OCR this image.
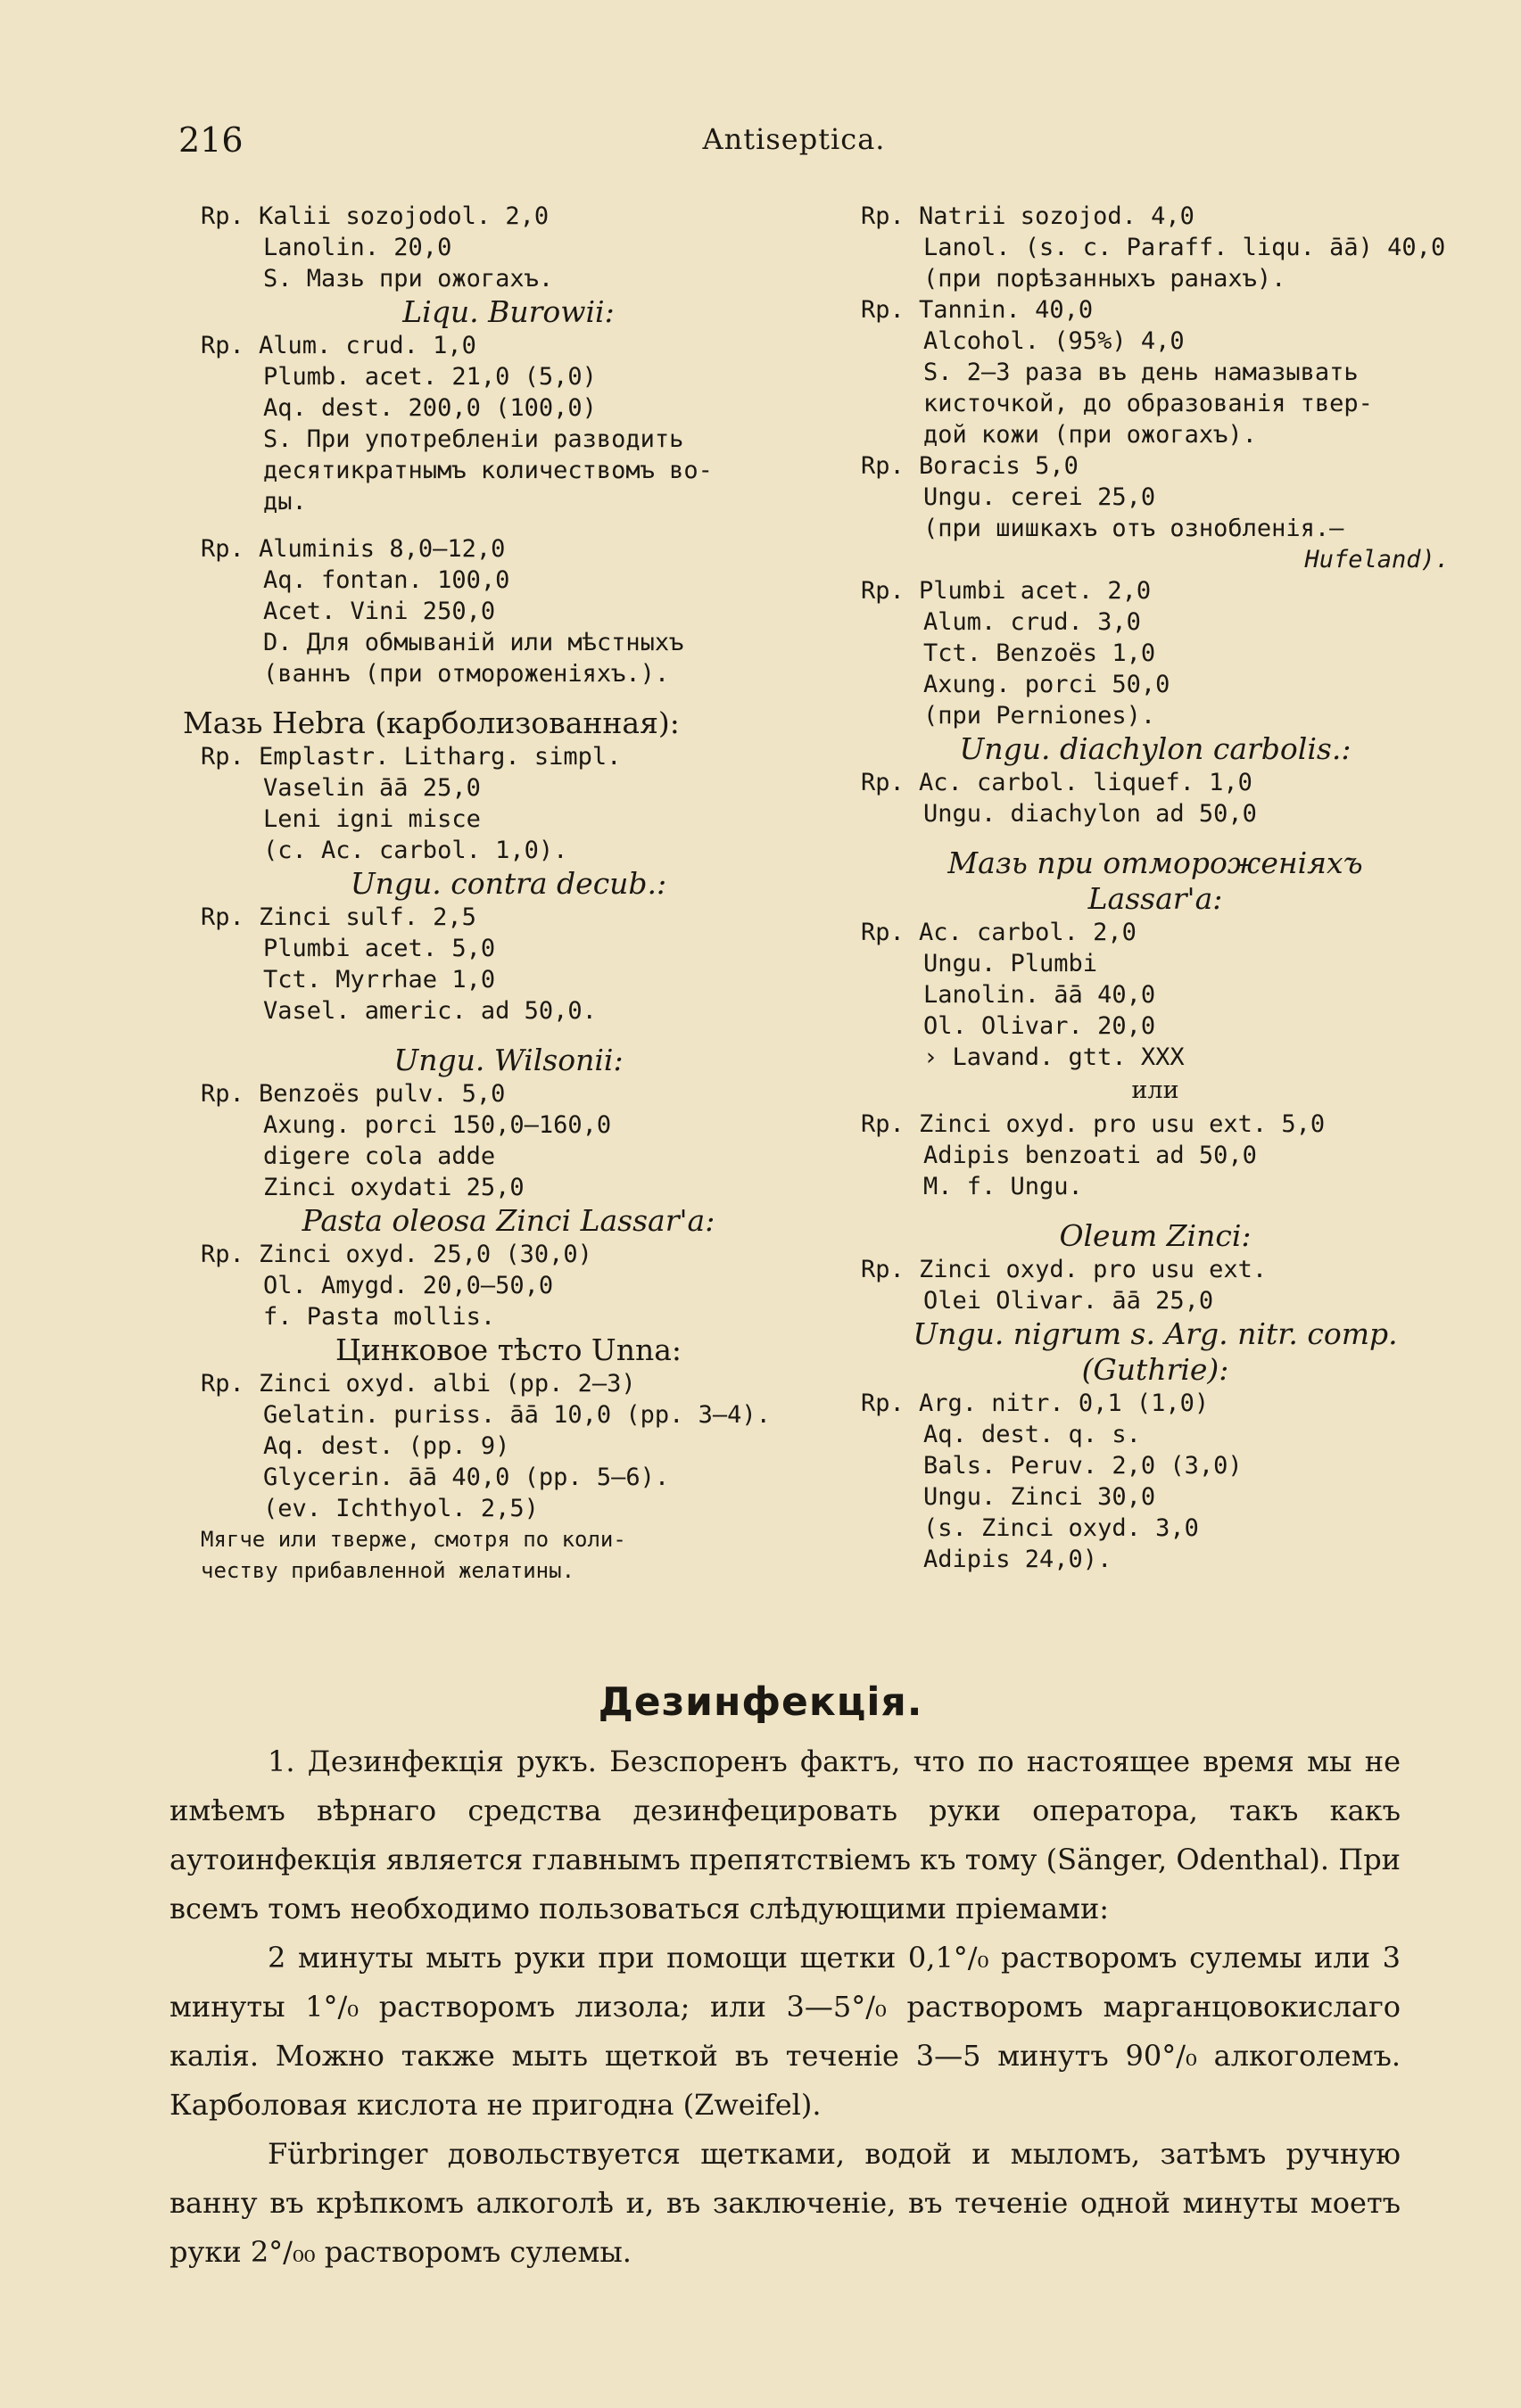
216	Antiseptica.
Rp. Kalii sozojodol. 2,0
Lanolin. 20,0
S. Мазь при ожогахъ.
Liqu. Burowii:
Rp. Alum. crud. 1,0
Plumb. acet. 21,0 (5,0)
Aq. dest. 200,0 (100,0)
S. При употребленіи разводить
десятикратнымъ количествомъ во-
ды.
Rp. Aluminis 8,0—12,0
Aq. fontan. 100,0
Acet. Vini 250,0
D. Для обмываній или мѣстныхъ
(ваннъ (при отмороженіяхъ.).
Мазь Hebra (карболизованная):
Rp. Emplastr. Litharg. simpl.
Vaselin āā 25,0
Leni igni misce
(c. Ac. carbol. 1,0).
Ungu. contra decub.:
Rp. Zinci sulf. 2,5
Plumbi acet. 5,0
Tct. Myrrhae 1,0
Vasel. americ. ad 50,0.
Ungu. Wilsonii:
Rp. Benzoës pulv. 5,0
Axung. porci 150,0—160,0
digere cola adde
Zinci oxydati 25,0
Pasta oleosa Zinci Lassar'a:
Rp. Zinci oxyd. 25,0 (30,0)
Ol. Amygd. 20,0—50,0
f. Pasta mollis.
Цинковое тѣсто Unna:
Rp. Zinci oxyd. albi (pp. 2—3)
Gelatin. puriss. āā 10,0 (pp. 3—4).
Aq. dest. (pp. 9)
Glycerin. āā 40,0 (pp. 5—6).
(ev. Ichthyol. 2,5)
Мягче или тверже, смотря по коли-
честву прибавленной желатины.
Rp. Natrii sozojod. 4,0
Lanol. (s. c. Paraff. liqu. āā) 40,0
(при порѣзанныхъ ранахъ).
Rp. Tannin. 40,0
Alcohol. (95%) 4,0
S. 2—3 раза въ день намазывать
кисточкой, до образованія твер-
дой кожи (при ожогахъ).
Rp. Boracis 5,0
Ungu. cerei 25,0
(при шишкахъ отъ ознобленія.—
Hufeland).
Rp. Plumbi acet. 2,0
Alum. crud. 3,0
Tct. Benzoës 1,0
Axung. porci 50,0
(при Perniones).
Ungu. diachylon carbolis.:
Rp. Ac. carbol. liquef. 1,0
Ungu. diachylon ad 50,0
Мазь при отмороженіяхъ
Lassar'a:
Rp. Ac. carbol. 2,0
Ungu. Plumbi
Lanolin. āā 40,0
Ol. Olivar. 20,0
› Lavand. gtt. XXX
или
Rp. Zinci oxyd. pro usu ext. 5,0
Adipis benzoati ad 50,0
M. f. Ungu.
Oleum Zinci:
Rp. Zinci oxyd. pro usu ext.
Olei Olivar. āā 25,0
Ungu. nigrum s. Arg. nitr. comp.
(Guthrie):
Rp. Arg. nitr. 0,1 (1,0)
Aq. dest. q. s.
Bals. Peruv. 2,0 (3,0)
Ungu. Zinci 30,0
(s. Zinci oxyd. 3,0
Adipis 24,0).
Дезинфекція.

1. Дезинфекція рукъ. Безспоренъ фактъ, что по настоящее время мы не имѣемъ вѣрнаго средства дезинфецировать руки оператора, такъ какъ аутоинфекція является главнымъ препятствіемъ къ тому (Sänger, Odenthal). При всемъ томъ необходимо пользоваться слѣдующими пріемами:

2 минуты мыть руки при помощи щетки 0,1°/₀ растворомъ сулемы или 3 минуты 1°/₀ растворомъ лизола; или 3—5°/₀ растворомъ марганцовокислаго калія. Можно также мыть щеткой въ теченіе 3—5 минутъ 90°/₀ алкоголемъ. Карболовая кислота не пригодна (Zweifel).

Fürbringer довольствуется щетками, водой и мыломъ, затѣмъ ручную ванну въ крѣпкомъ алкоголѣ и, въ заключеніе, въ теченіе одной минуты моетъ руки 2°/₀₀ растворомъ сулемы.
